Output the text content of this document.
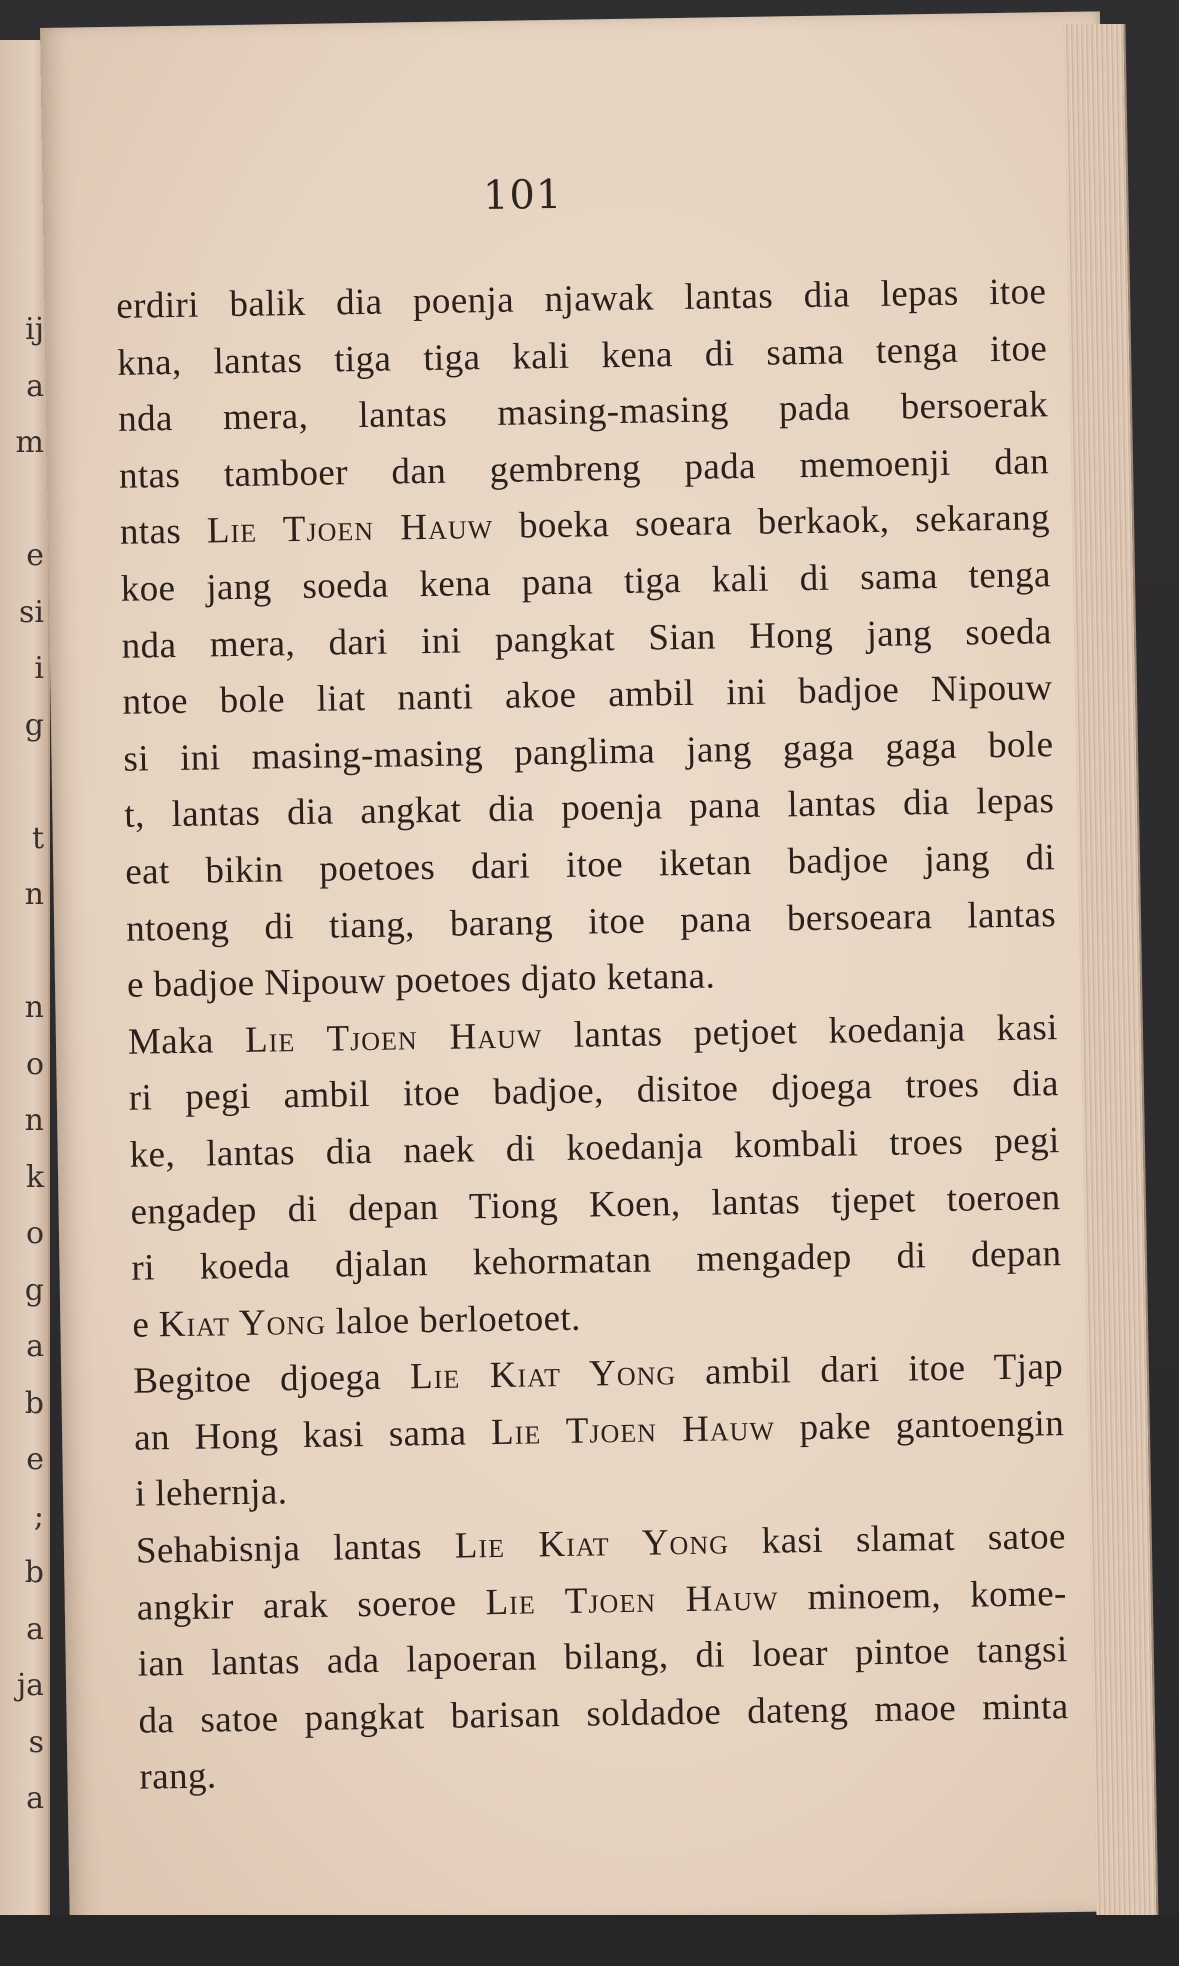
ij
a
m

e
si
i
g

t
n

n
o
n
k
o
g
a
b
e
;
b
a
ja
s
a
101
erdiri balik dia poenja njawak lantas dia lepas itoe
kna, lantas tiga tiga kali kena di sama tenga itoe
nda mera, lantas masing-masing pada bersoerak
ntas tamboer dan gembreng pada memoenji dan
ntas Lie Tjoen Hauw boeka soeara berkaok, sekarang
koe jang soeda kena pana tiga kali di sama tenga
nda mera, dari ini pangkat Sian Hong jang soeda
ntoe bole liat nanti akoe ambil ini badjoe Nipouw
si ini masing-masing panglima jang gaga gaga bole
t, lantas dia angkat dia poenja pana lantas dia lepas
eat bikin poetoes dari itoe iketan badjoe jang di
ntoeng di tiang, barang itoe pana bersoeara lantas
e badjoe Nipouw poetoes djato ketana.
Maka Lie Tjoen Hauw lantas petjoet koedanja kasi
ri pegi ambil itoe badjoe, disitoe djoega troes dia
ke, lantas dia naek di koedanja kombali troes pegi
engadep di depan Tiong Koen, lantas tjepet toeroen
ri koeda djalan kehormatan mengadep di depan
e Kiat Yong laloe berloetoet.
Begitoe djoega Lie Kiat Yong ambil dari itoe Tjap
an Hong kasi sama Lie Tjoen Hauw pake gantoengin
i lehernja.
Sehabisnja lantas Lie Kiat Yong kasi slamat satoe
angkir arak soeroe Lie Tjoen Hauw minoem, kome-
ian lantas ada lapoeran bilang, di loear pintoe tangsi
da satoe pangkat barisan soldadoe dateng maoe minta
rang.
